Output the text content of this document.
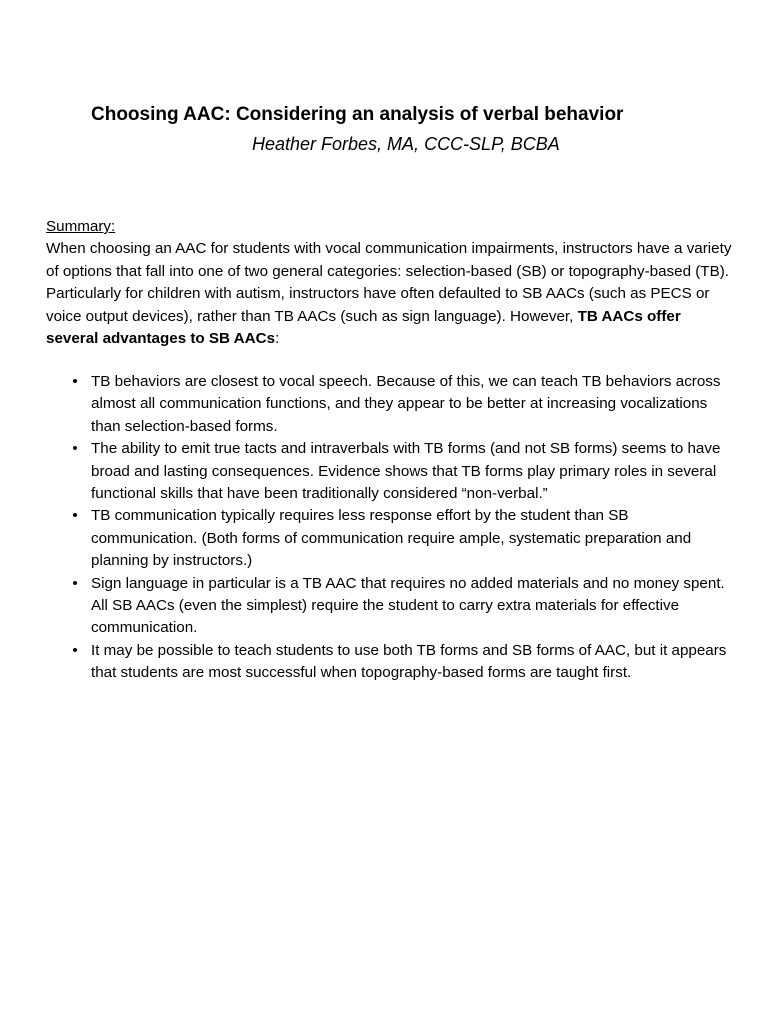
Choosing AAC: Considering an analysis of verbal behavior
Heather Forbes, MA, CCC-SLP, BCBA
Summary:
When choosing an AAC for students with vocal communication impairments, instructors have a variety of options that fall into one of two general categories: selection-based (SB) or topography-based (TB). Particularly for children with autism, instructors have often defaulted to SB AACs (such as PECS or voice output devices), rather than TB AACs (such as sign language). However, TB AACs offer several advantages to SB AACs:
• TB behaviors are closest to vocal speech. Because of this, we can teach TB behaviors across almost all communication functions, and they appear to be better at increasing vocalizations than selection-based forms.
• The ability to emit true tacts and intraverbals with TB forms (and not SB forms) seems to have broad and lasting consequences. Evidence shows that TB forms play primary roles in several functional skills that have been traditionally considered “non-verbal.”
• TB communication typically requires less response effort by the student than SB communication. (Both forms of communication require ample, systematic preparation and planning by instructors.)
• Sign language in particular is a TB AAC that requires no added materials and no money spent. All SB AACs (even the simplest) require the student to carry extra materials for effective communication.
• It may be possible to teach students to use both TB forms and SB forms of AAC, but it appears that students are most successful when topography-based forms are taught first.
